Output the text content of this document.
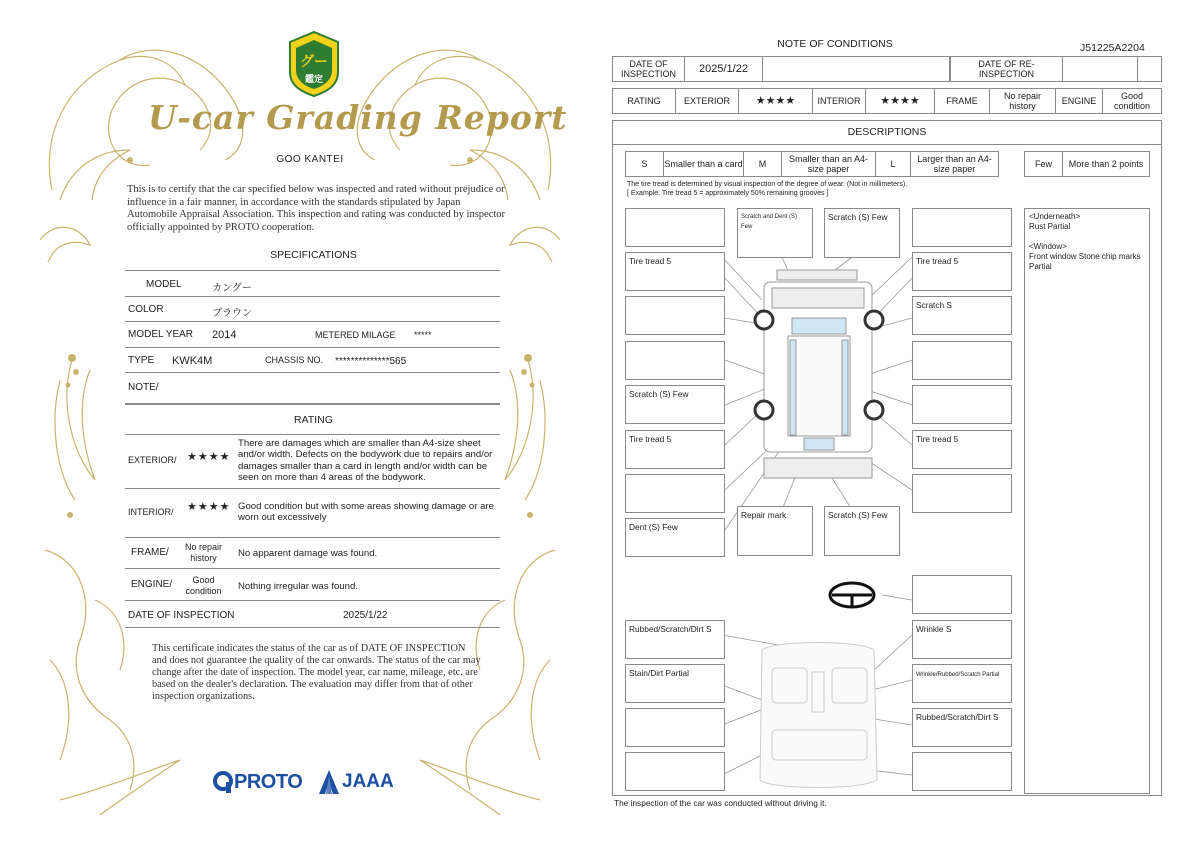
グー
鑑定
U-car Grading Report
GOO KANTEI
This is to certify that the car specified below was inspected and rated without prejudice or influence in a fair manner, in accordance with the standards stipulated by Japan Automobile Appraisal Association. This inspection and rating was conducted by inspector officially appointed by PROTO cooperation.
SPECIFICATIONS
MODEL	カングー
COLOR	ブラウン
MODEL YEAR 2014	METERED MILAGE *****
TYPE KWK4M	CHASSIS NO. **************565
NOTE/
RATING
EXTERIOR/ ★★★★
There are damages which are smaller than A4-size sheet and/or width. Defects on the bodywork due to repairs and/or damages smaller than a card in length and/or width can be seen on more than 4 areas of the bodywork.
INTERIOR/ ★★★★ Good condition but with some areas showing damage or are worn out excessively
FRAME/	No repair history	No apparent damage was found.
ENGINE/	Good condition	Nothing irregular was found.
DATE OF INSPECTION	2025/1/22
This certificate indicates the status of the car as of DATE OF INSPECTION and does not guarantee the quality of the car onwards. The status of the car may change after the date of inspection. The model year, car name, mileage, etc. are based on the dealer's declaration. The evaluation may differ from that of other inspection organizations.
PROTO JAAA
NOTE OF CONDITIONS	J51225A2204
DATE OF INSPECTION	2025/1/22	DATE OF RE-INSPECTION
RATING	EXTERIOR	★★★★	INTERIOR	★★★★	FRAME	No repair history	ENGINE	Good condition
DESCRIPTIONS
S	Smaller than a card	M	Smaller than an A4-size paper	L	Larger than an A4-size paper	Few	More than 2 points
The tire tread is determined by visual inspection of the degree of wear. (Not in millimeters).
[ Example: Tire tread 5 = approximately 50% remaining grooves ]
<Underneath>
Rust Partial

<Window>
Front window Stone chip marks Partial
Scratch and Dent (S) Few
Scratch (S) Few
Tire tread 5	Tire tread 5
Scratch S
Scratch (S) Few
Tire tread 5	Tire tread 5
Dent (S) Few
Repair mark	Scratch (S) Few
Rubbed/Scratch/Dirt S	Wrinkle S
Stain/Dirt Partial	Wrinkle/Rubbed/Scratch Partial
Rubbed/Scratch/Dirt S
The inspection of the car was conducted without driving it.
